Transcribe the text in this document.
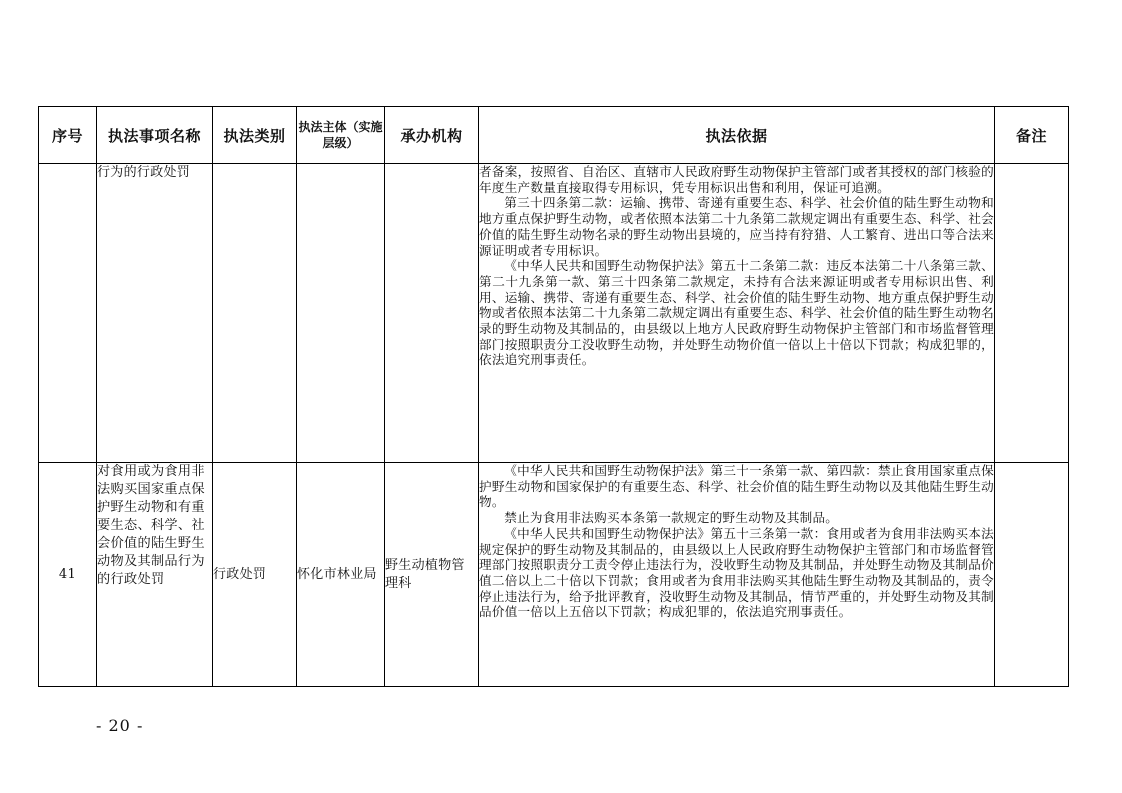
序号	执法事项名称	执法类别	执法主体（实施层级）	承办机构	执法依据	备注
	行为的行政处罚				者备案，按照省、自治区、直辖市人民政府野生动物保护主管部门或者其授权的部门核验的年度生产数量直接取得专用标识，凭专用标识出售和利用，保证可追溯。

第三十四条第二款：运输、携带、寄递有重要生态、科学、社会价值的陆生野生动物和地方重点保护野生动物，或者依照本法第二十九条第二款规定调出有重要生态、科学、社会价值的陆生野生动物名录的野生动物出县境的，应当持有狩猎、人工繁育、进出口等合法来源证明或者专用标识。

《中华人民共和国野生动物保护法》第五十二条第二款：违反本法第二十八条第三款、第二十九条第一款、第三十四条第二款规定，未持有合法来源证明或者专用标识出售、利用、运输、携带、寄递有重要生态、科学、社会价值的陆生野生动物、地方重点保护野生动物或者依照本法第二十九条第二款规定调出有重要生态、科学、社会价值的陆生野生动物名录的野生动物及其制品的，由县级以上地方人民政府野生动物保护主管部门和市场监督管理部门按照职责分工没收野生动物，并处野生动物价值一倍以上十倍以下罚款；构成犯罪的，依法追究刑事责任。	

41	对食用或为食用非法购买国家重点保护野生动物和有重要生态、科学、社会价值的陆生野生动物及其制品行为的行政处罚	行政处罚	怀化市林业局	野生动植物管理科	《中华人民共和国野生动物保护法》第三十一条第一款、第四款：禁止食用国家重点保护野生动物和国家保护的有重要生态、科学、社会价值的陆生野生动物以及其他陆生野生动物。

禁止为食用非法购买本条第一款规定的野生动物及其制品。

《中华人民共和国野生动物保护法》第五十三条第一款：食用或者为食用非法购买本法规定保护的野生动物及其制品的，由县级以上人民政府野生动物保护主管部门和市场监督管理部门按照职责分工责令停止违法行为，没收野生动物及其制品，并处野生动物及其制品价值二倍以上二十倍以下罚款；食用或者为食用非法购买其他陆生野生动物及其制品的，责令停止违法行为，给予批评教育，没收野生动物及其制品，情节严重的，并处野生动物及其制品价值一倍以上五倍以下罚款；构成犯罪的，依法追究刑事责任。	

- 20 -
